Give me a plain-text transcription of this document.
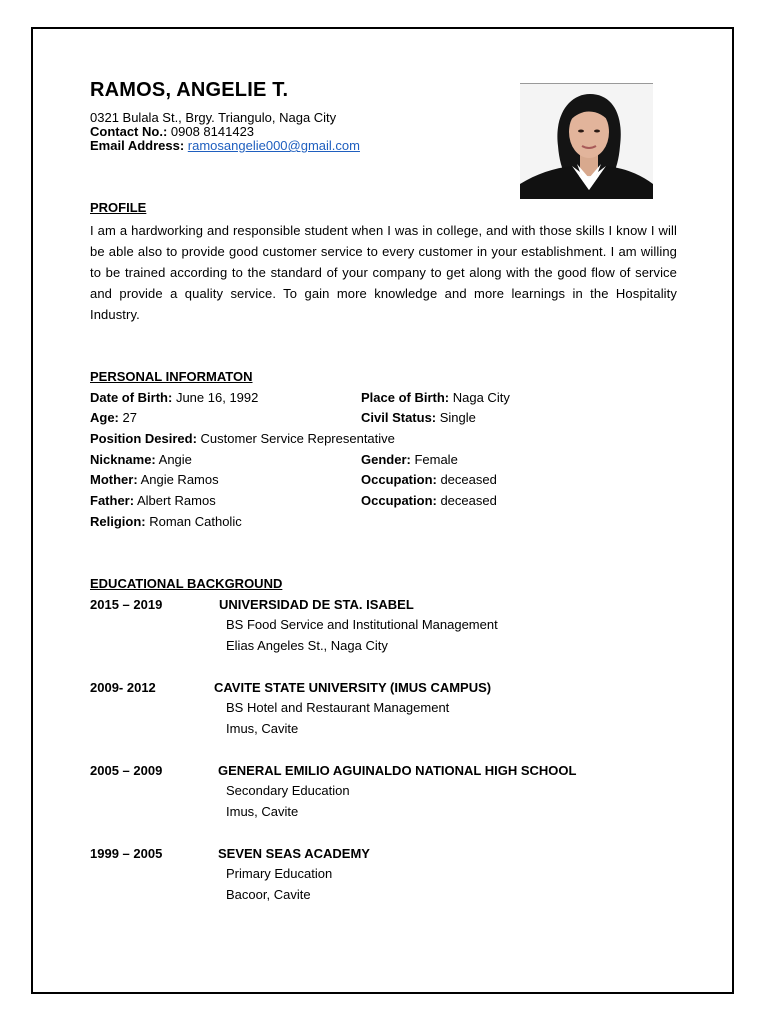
RAMOS, ANGELIE T.
0321 Bulala St., Brgy. Triangulo, Naga City
Contact No.: 0908 8141423
Email Address: ramosangelie000@gmail.com
PROFILE
I am a hardworking and responsible student when I was in college, and with those skills I know I will be able also to provide good customer service to every customer in your establishment. I am willing to be trained according to the standard of your company to get along with the good flow of service and provide a quality service. To gain more knowledge and more learnings in the Hospitality Industry.
PERSONAL INFORMATON
Date of Birth: June 16, 1992	Place of Birth: Naga City
Age: 27	Civil Status: Single
Position Desired: Customer Service Representative
Nickname: Angie	Gender: Female
Mother: Angie Ramos	Occupation: deceased
Father: Albert Ramos	Occupation: deceased
Religion: Roman Catholic
EDUCATIONAL BACKGROUND
2015 – 2019	UNIVERSIDAD DE STA. ISABEL
BS Food Service and Institutional Management
Elias Angeles St., Naga City
2009- 2012	CAVITE STATE UNIVERSITY (IMUS CAMPUS)
BS Hotel and Restaurant Management
Imus, Cavite
2005 – 2009	GENERAL EMILIO AGUINALDO NATIONAL HIGH SCHOOL
Secondary Education
Imus, Cavite
1999 – 2005	SEVEN SEAS ACADEMY
Primary Education
Bacoor, Cavite
